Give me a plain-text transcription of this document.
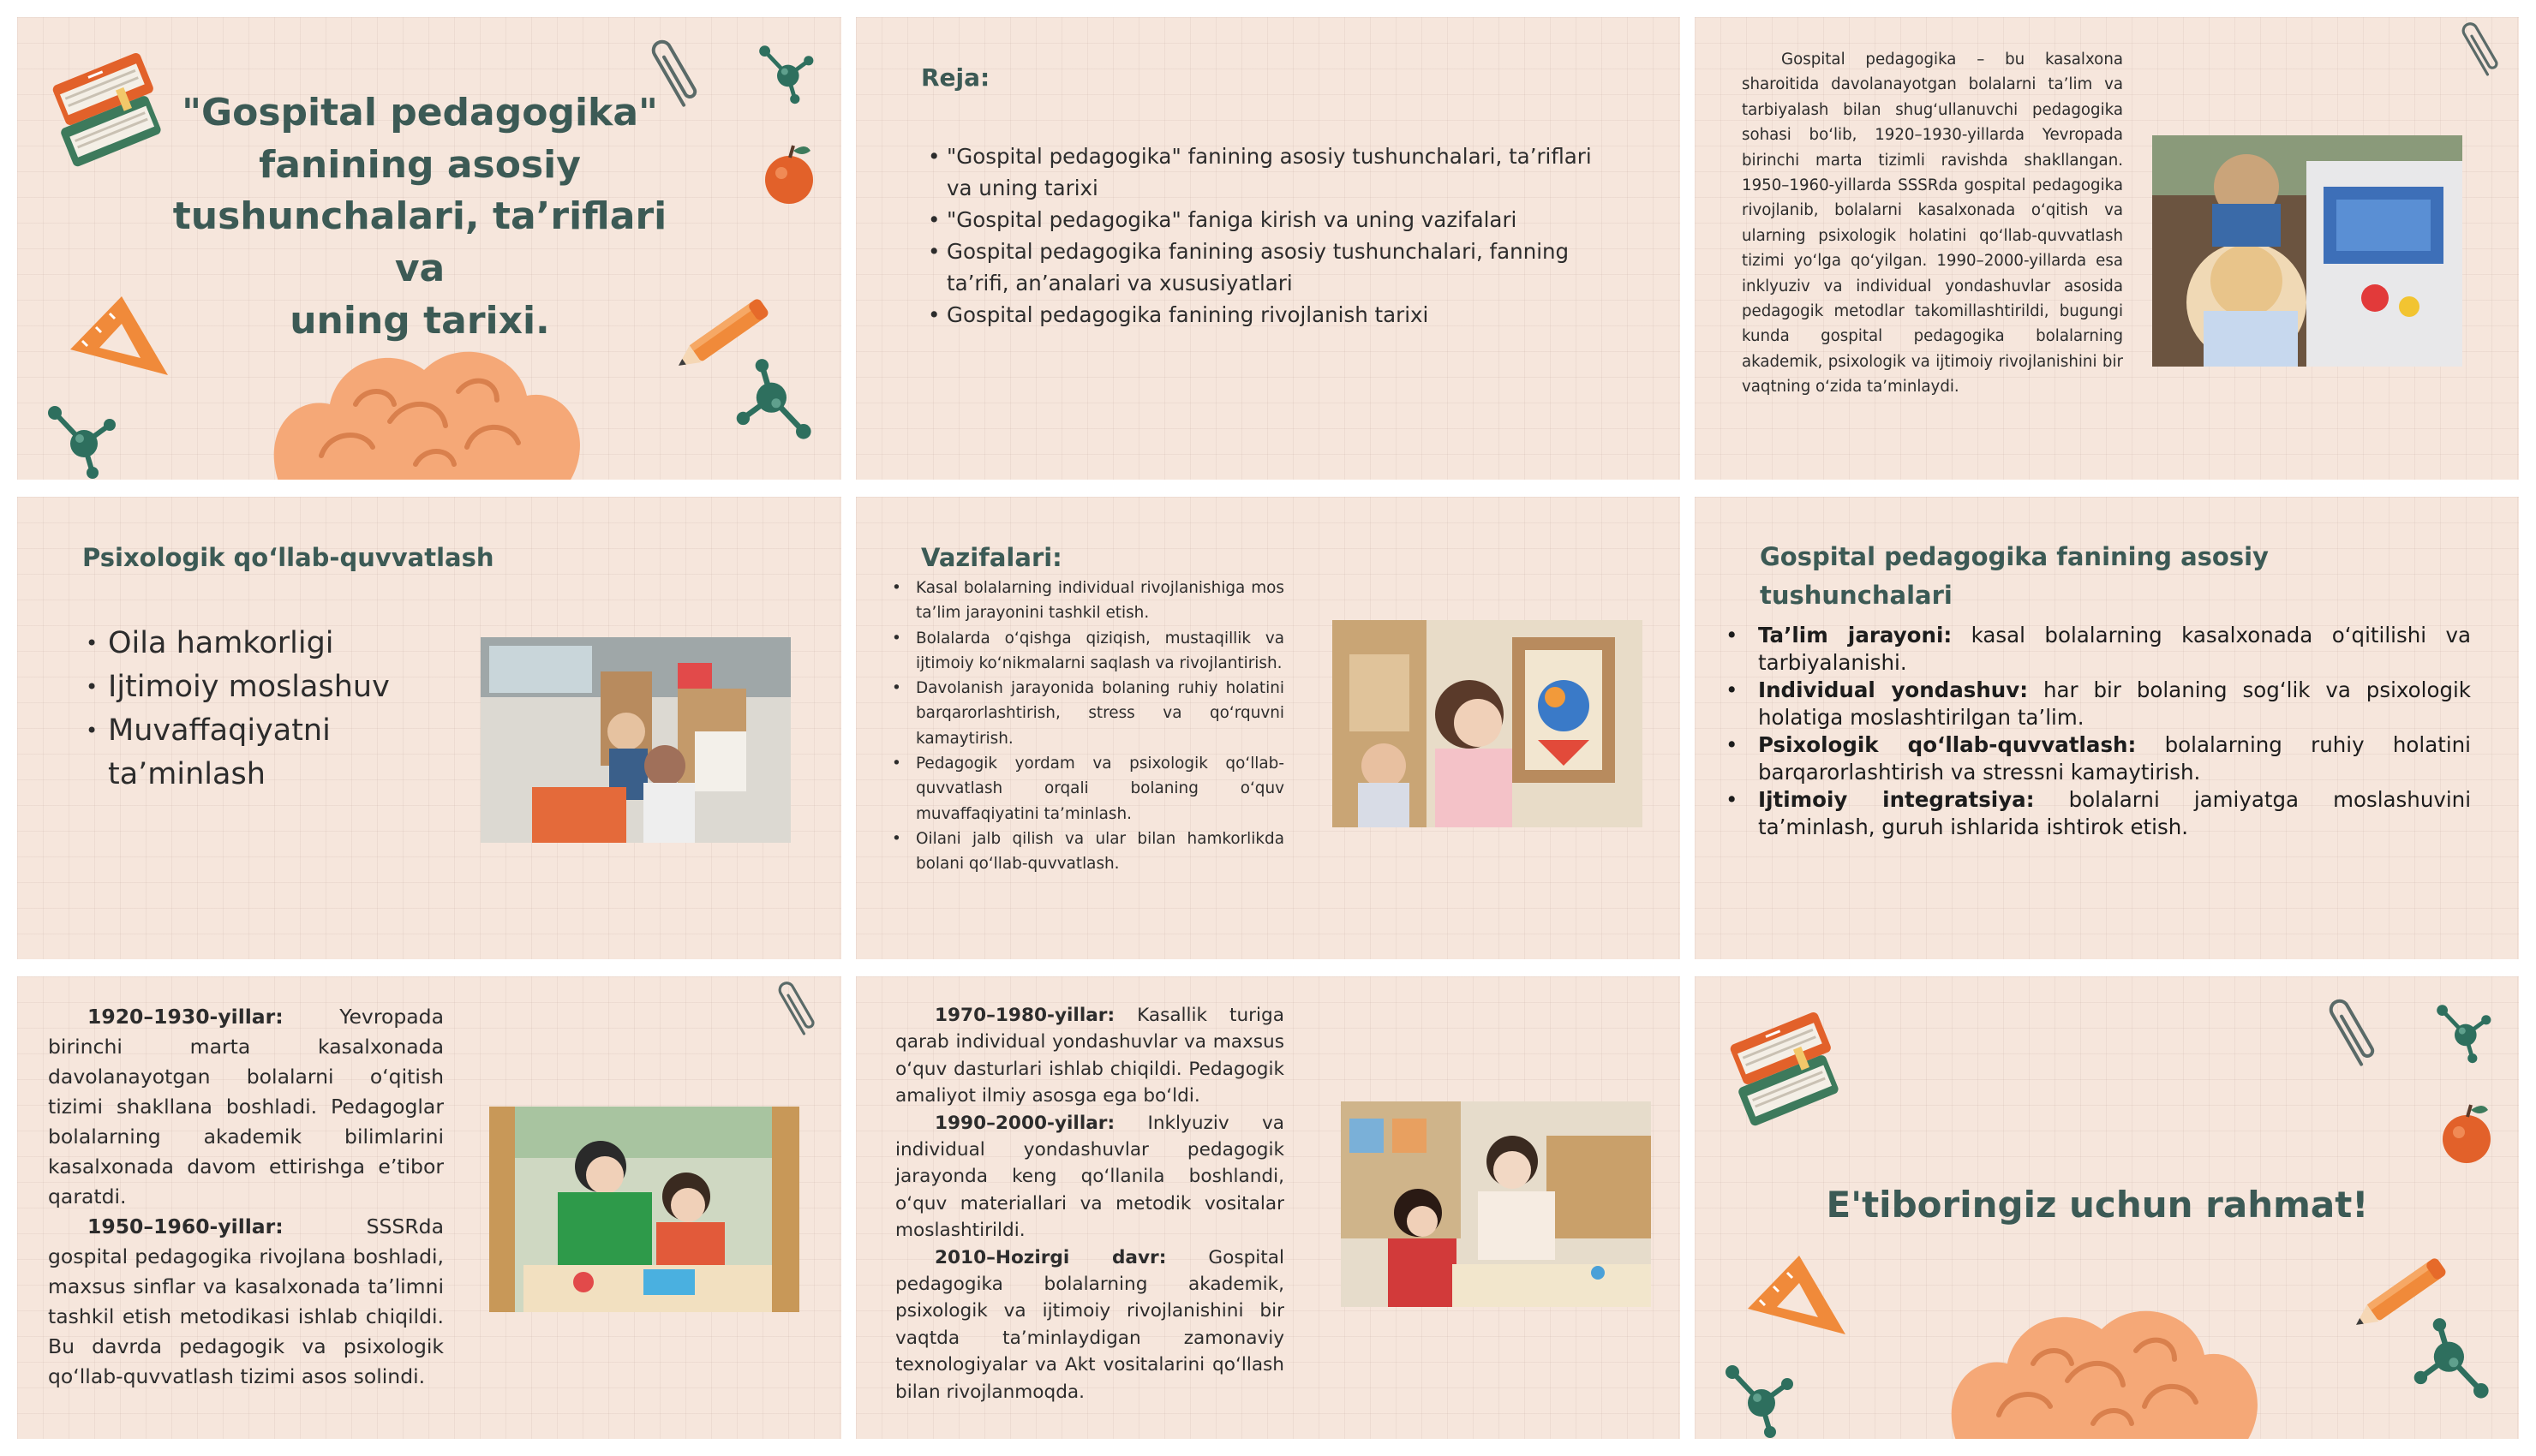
"Gospital pedagogika"
fanining asosiy
tushunchalari, ta’riflari va
uning tarixi.
Reja:
• "Gospital pedagogika" fanining asosiy tushunchalari, ta’riflari
va uning tarixi
• "Gospital pedagogika" faniga kirish va uning vazifalari
• Gospital pedagogika fanining asosiy tushunchalari, fanning
ta’rifi, an’analari va xususiyatlari
• Gospital pedagogika fanining rivojlanish tarixi
Gospital pedagogika – bu kasalxona sharoitida davolanayotgan bolalarni ta’lim va tarbiyalash bilan shug‘ullanuvchi pedagogika sohasi bo‘lib, 1920–1930-yillarda Yevropada birinchi marta tizimli ravishda shakllangan. 1950–1960-yillarda SSSRda gospital pedagogika rivojlanib, bolalarni kasalxonada o‘qitish va ularning psixologik holatini qo‘llab-quvvatlash tizimi yo‘lga qo‘yilgan. 1990–2000-yillarda esa inklyuziv va individual yondashuvlar asosida pedagogik metodlar takomillashtirildi, bugungi kunda gospital pedagogika bolalarning akademik, psixologik va ijtimoiy rivojlanishini bir vaqtning o‘zida ta’minlaydi.
Psixologik qo‘llab-quvvatlash
• Oila hamkorligi
• Ijtimoiy moslashuv
• Muvaffaqiyatni
ta’minlash
Vazifalari:
• Kasal bolalarning individual rivojlanishiga mos ta’lim jarayonini tashkil etish.
• Bolalarda o‘qishga qiziqish, mustaqillik va ijtimoiy ko‘nikmalarni saqlash va rivojlantirish.
• Davolanish jarayonida bolaning ruhiy holatini barqarorlashtirish, stress va qo‘rquvni kamaytirish.
• Pedagogik yordam va psixologik qo‘llab-quvvatlash orqali bolaning o‘quv muvaffaqiyatini ta’minlash.
• Oilani jalb qilish va ular bilan hamkorlikda bolani qo‘llab-quvvatlash.
Gospital pedagogika fanining asosiy
tushunchalari
• Ta’lim jarayoni: kasal bolalarning kasalxonada o‘qitilishi va tarbiyalanishi.
• Individual yondashuv: har bir bolaning sog‘lik va psixologik holatiga moslashtirilgan ta’lim.
• Psixologik qo‘llab-quvvatlash: bolalarning ruhiy holatini barqarorlashtirish va stressni kamaytirish.
• Ijtimoiy integratsiya: bolalarni jamiyatga moslashuvini ta’minlash, guruh ishlarida ishtirok etish.
1920–1930-yillar:	Yevropada birinchi marta kasalxonada davolanayotgan bolalarni o‘qitish tizimi shakllana boshladi. Pedagoglar bolalarning akademik bilimlarini kasalxonada davom ettirishga e’tibor qaratdi.
1950–1960-yillar:	SSSRda gospital pedagogika rivojlana boshladi, maxsus sinflar va kasalxonada ta’limni tashkil etish metodikasi ishlab chiqildi. Bu davrda pedagogik va psixologik qo‘llab-quvvatlash tizimi asos solindi.
1970–1980-yillar: Kasallik turiga qarab individual yondashuvlar va maxsus o‘quv dasturlari ishlab chiqildi. Pedagogik amaliyot ilmiy asosga ega bo‘ldi.
1990–2000-yillar: Inklyuziv va individual yondashuvlar pedagogik jarayonda keng qo‘llanila boshlandi, o‘quv materiallari va metodik vositalar moslashtirildi.
2010–Hozirgi davr: Gospital pedagogika bolalarning akademik, psixologik va ijtimoiy rivojlanishini bir vaqtda ta’minlaydigan zamonaviy texnologiyalar va Akt vositalarini qo‘llash bilan rivojlanmoqda.
E'tiboringiz uchun rahmat!
